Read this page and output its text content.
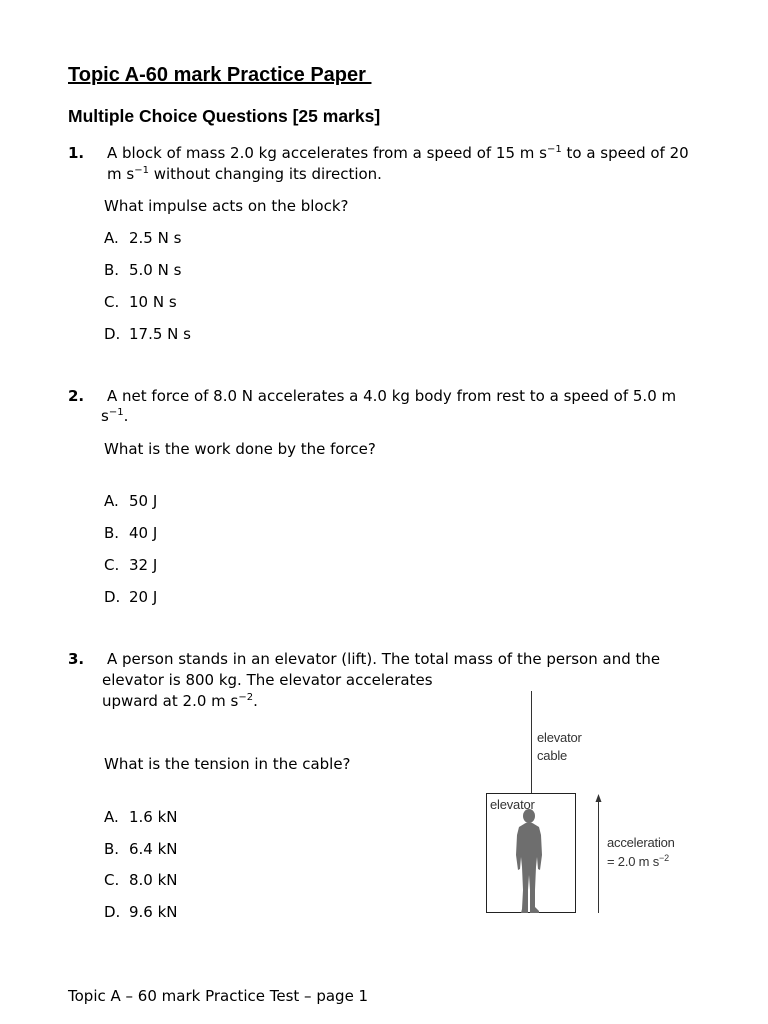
Topic A-60 mark Practice Paper
Multiple Choice Questions [25 marks]
1. A block of mass 2.0 kg accelerates from a speed of 15 m $s^{-1}$ to a speed of 20
m $s^{-1}$ without changing its direction.
What impulse acts on the block?
A. 2.5 N s
B. 5.0 N s
C. 10 N s
D. 17.5 N s
2. A net force of 8.0 N accelerates a 4.0 kg body from rest to a speed of 5.0 m
$s^{-1}$.
What is the work done by the force?
A. 50 J
B. 40 J
C. 32 J
D. 20 J
3. A person stands in an elevator (lift). The total mass of the person and the
elevator is 800 kg. The elevator accelerates
upward at 2.0 m $s^{-2}$.
What is the tension in the cable?
A. 1.6 kN
B. 6.4 kN
C. 8.0 kN
D. 9.6 kN
elevator
cable
elevator
acceleration
= 2.0 m $s^{-2}$
Topic A – 60 mark Practice Test – page 1
